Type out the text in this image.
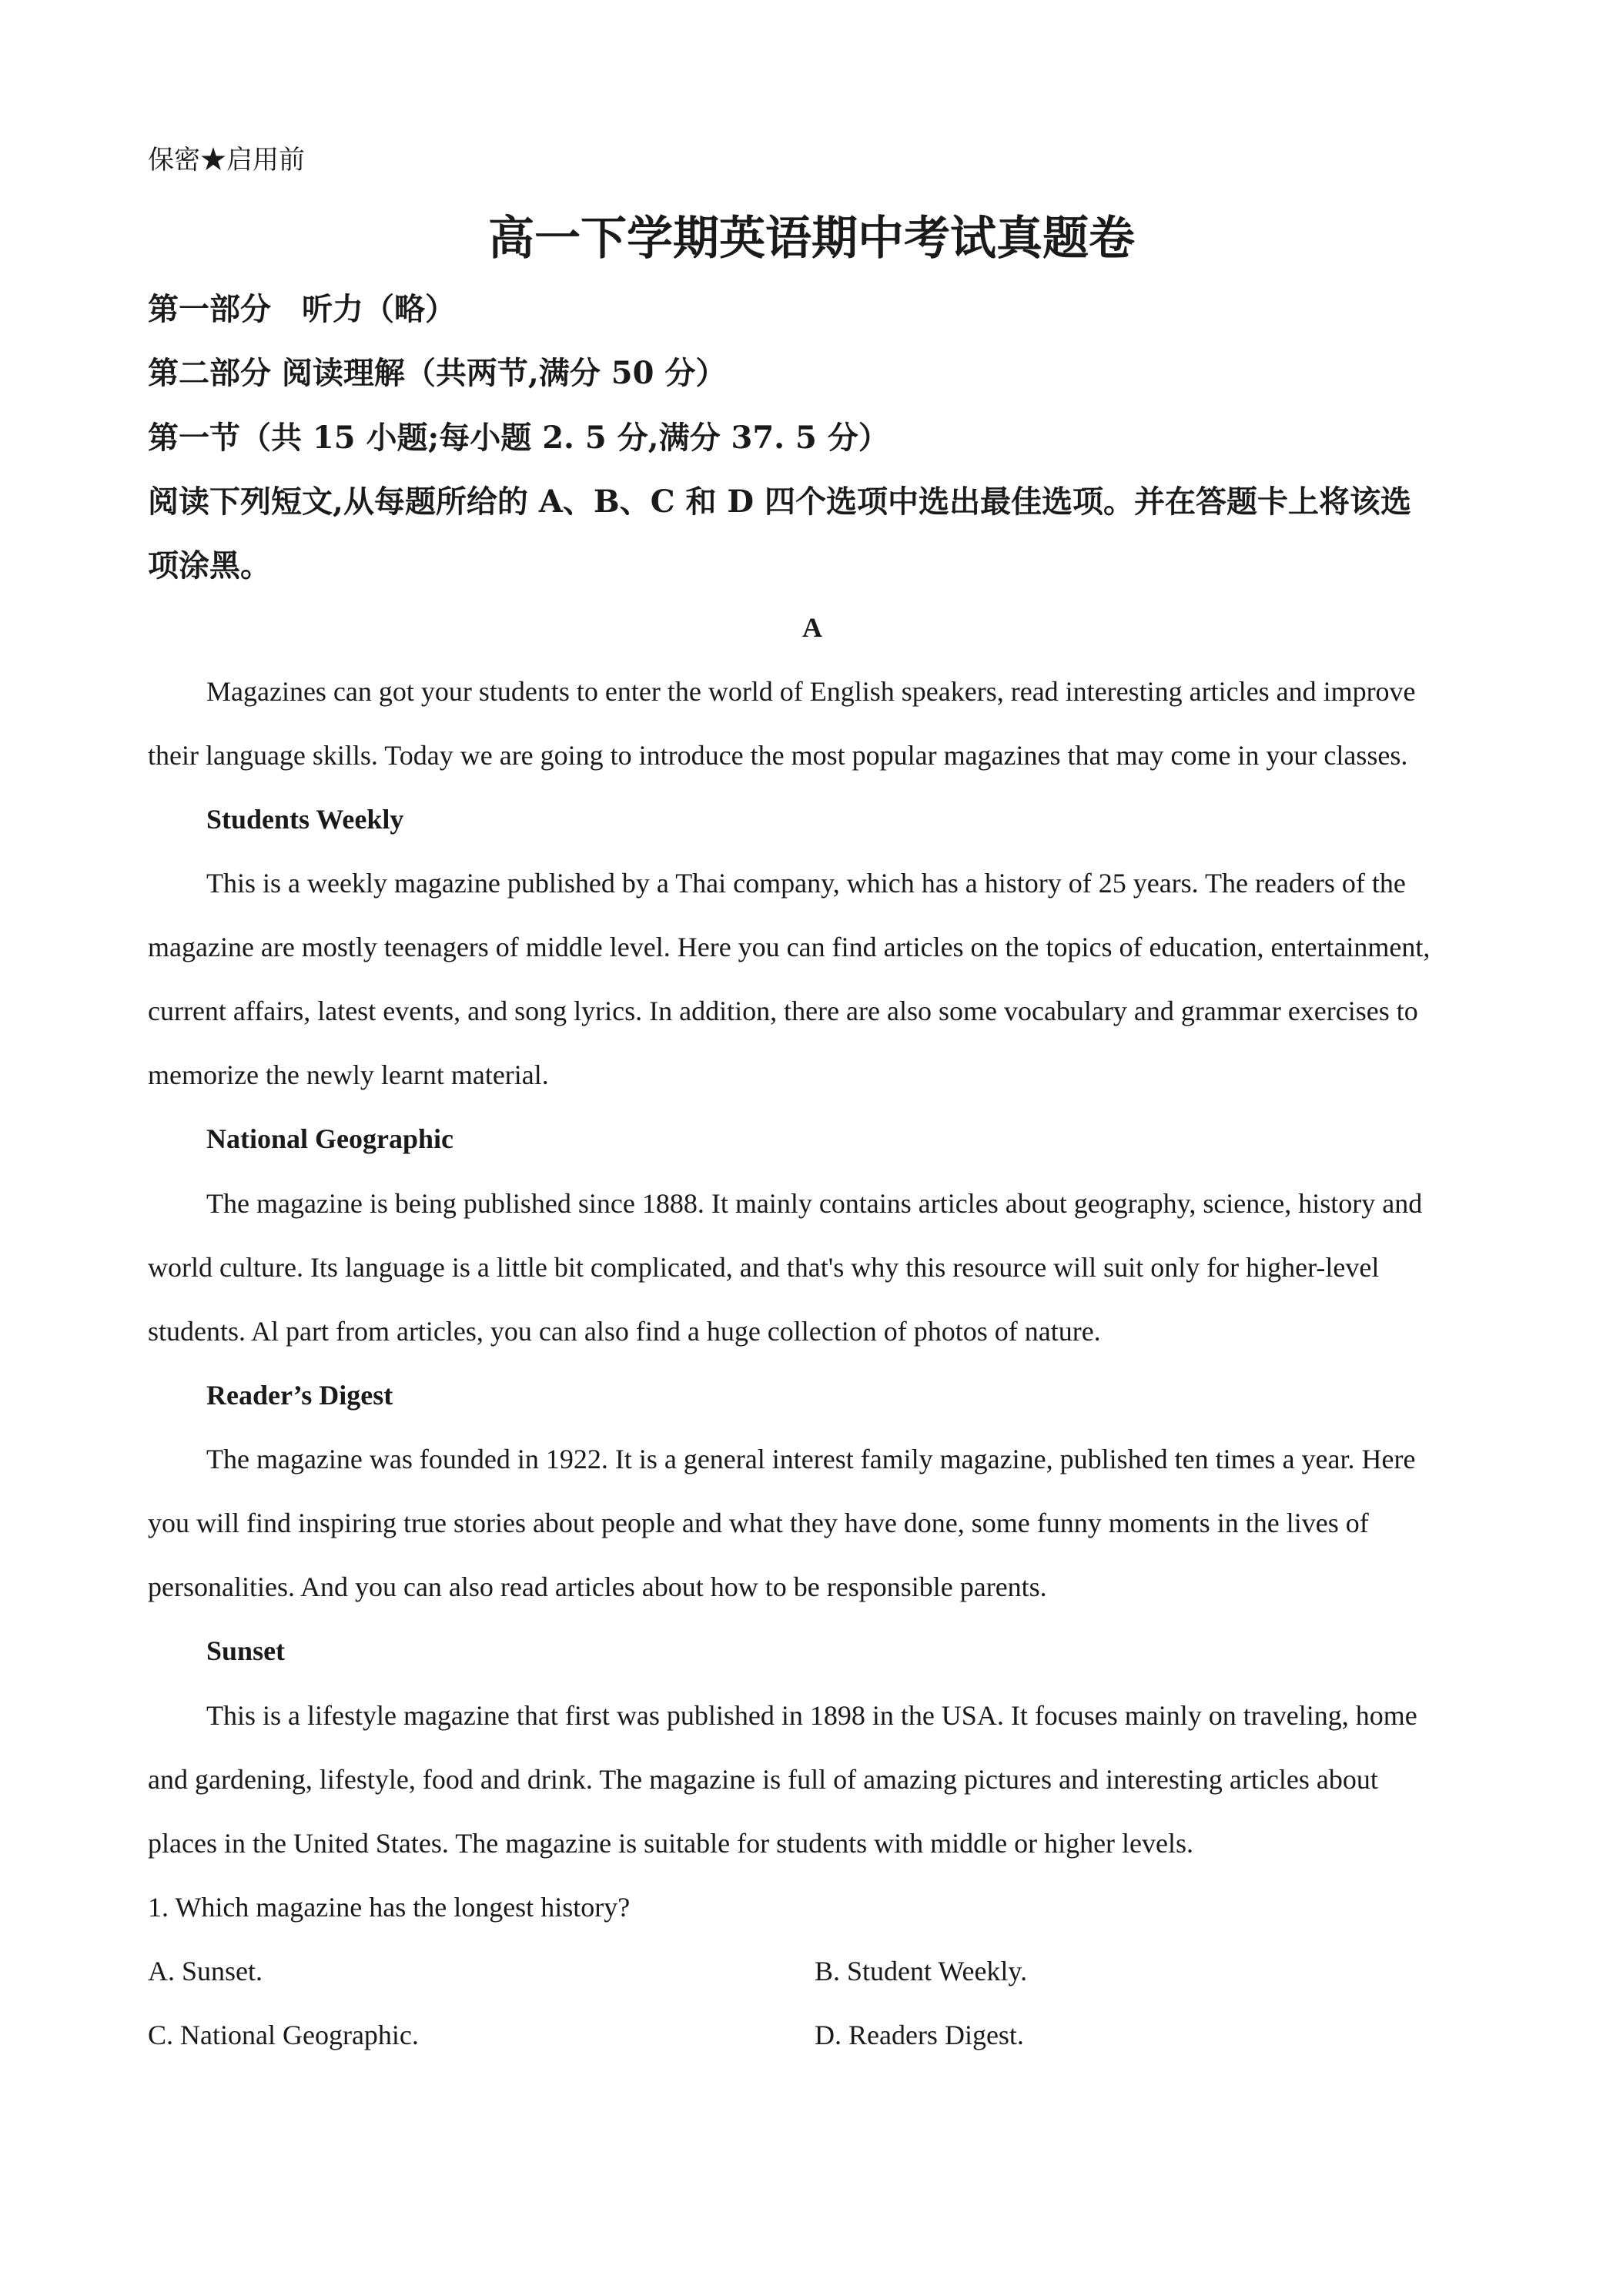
保密★启用前
高一下学期英语期中考试真题卷
第一部分　听力（略）
第二部分 阅读理解（共两节,满分 50 分）
第一节（共 15 小题;每小题 2. 5 分,满分 37. 5 分）
阅读下列短文,从每题所给的 A、B、C 和 D 四个选项中选出最佳选项。并在答题卡上将该选
项涂黑。
A
Magazines can got your students to enter the world of English speakers, read interesting articles and improve
their language skills. Today we are going to introduce the most popular magazines that may come in your classes.
Students Weekly
This is a weekly magazine published by a Thai company, which has a history of 25 years. The readers of the
magazine are mostly teenagers of middle level. Here you can find articles on the topics of education, entertainment,
current affairs, latest events, and song lyrics. In addition, there are also some vocabulary and grammar exercises to
memorize the newly learnt material.
National Geographic
The magazine is being published since 1888. It mainly contains articles about geography, science, history and
world culture. Its language is a little bit complicated, and that's why this resource will suit only for higher-level
students. Al part from articles, you can also find a huge collection of photos of nature.
Reader’s Digest
The magazine was founded in 1922. It is a general interest family magazine, published ten times a year. Here
you will find inspiring true stories about people and what they have done, some funny moments in the lives of
personalities. And you can also read articles about how to be responsible parents.
Sunset
This is a lifestyle magazine that first was published in 1898 in the USA. It focuses mainly on traveling, home
and gardening, lifestyle, food and drink. The magazine is full of amazing pictures and interesting articles about
places in the United States. The magazine is suitable for students with middle or higher levels.
1. Which magazine has the longest history?
A. Sunset.	B. Student Weekly.
C. National Geographic.	D. Readers Digest.
